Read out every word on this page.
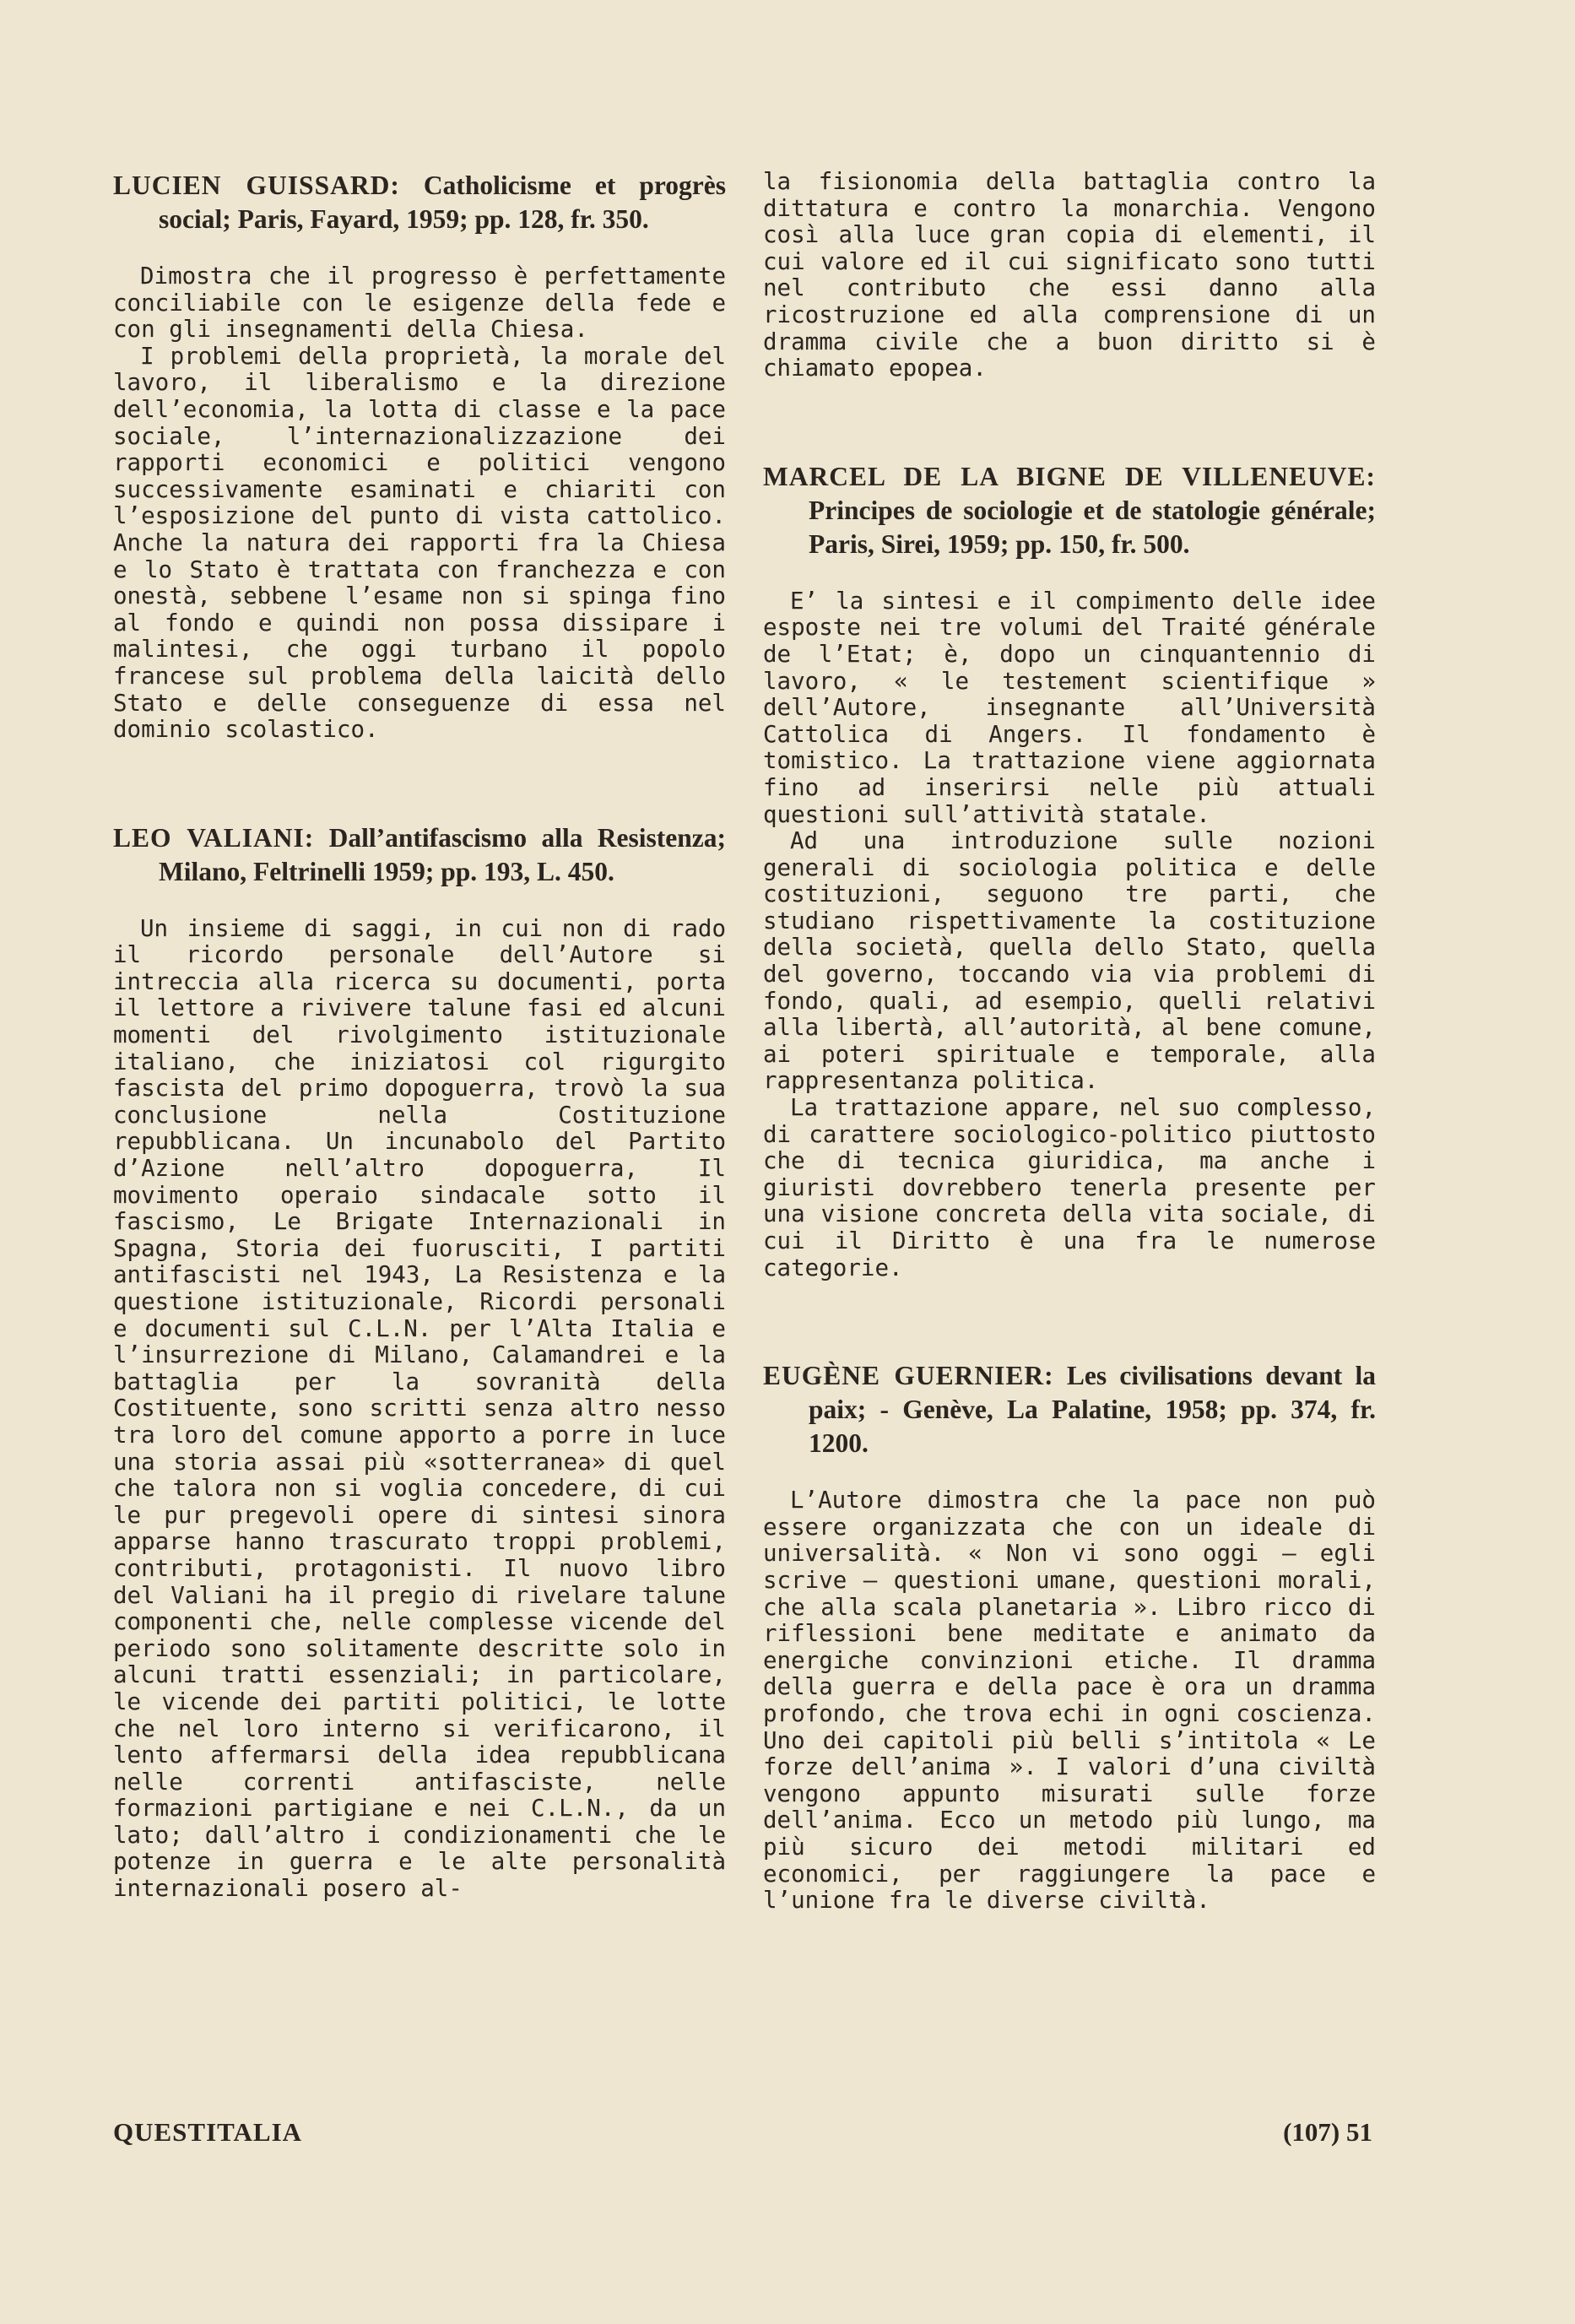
LUCIEN GUISSARD: Catholicisme et progrès social; Paris, Fayard, 1959; pp. 128, fr. 350.

Dimostra che il progresso è perfettamente conciliabile con le esigenze della fede e con gli insegnamenti della Chiesa.

I problemi della proprietà, la morale del lavoro, il liberalismo e la direzione dell’economia, la lotta di classe e la pace sociale, l’internazionalizzazione dei rapporti economici e politici vengono successivamente esaminati e chiariti con l’esposizione del punto di vista cattolico. Anche la natura dei rapporti fra la Chiesa e lo Stato è trattata con franchezza e con onestà, sebbene l’esame non si spinga fino al fondo e quindi non possa dissipare i malintesi, che oggi turbano il popolo francese sul problema della laicità dello Stato e delle conseguenze di essa nel dominio scolastico.

LEO VALIANI: Dall’antifascismo alla Resistenza; Milano, Feltrinelli 1959; pp. 193, L. 450.

Un insieme di saggi, in cui non di rado il ricordo personale dell’Autore si intreccia alla ricerca su documenti, porta il lettore a rivivere talune fasi ed alcuni momenti del rivolgimento istituzionale italiano, che iniziatosi col rigurgito fascista del primo dopoguerra, trovò la sua conclusione nella Costituzione repubblicana. Un incunabolo del Partito d’Azione nell’altro dopoguerra, Il movimento operaio sindacale sotto il fascismo, Le Brigate Internazionali in Spagna, Storia dei fuorusciti, I partiti antifascisti nel 1943, La Resistenza e la questione istituzionale, Ricordi personali e documenti sul C.L.N. per l’Alta Italia e l’insurrezione di Milano, Calamandrei e la battaglia per la sovranità della Costituente, sono scritti senza altro nesso tra loro del comune apporto a porre in luce una storia assai più «sotterranea» di quel che talora non si voglia concedere, di cui le pur pregevoli opere di sintesi sinora apparse hanno trascurato troppi problemi, contributi, protagonisti. Il nuovo libro del Valiani ha il pregio di rivelare talune componenti che, nelle complesse vicende del periodo sono solitamente descritte solo in alcuni tratti essenziali; in particolare, le vicende dei partiti politici, le lotte che nel loro interno si verificarono, il lento affermarsi della idea repubblicana nelle correnti antifasciste, nelle formazioni partigiane e nei C.L.N., da un lato; dall’altro i condizionamenti che le potenze in guerra e le alte personalità internazionali posero al-

la fisionomia della battaglia contro la dittatura e contro la monarchia. Vengono così alla luce gran copia di elementi, il cui valore ed il cui significato sono tutti nel contributo che essi danno alla ricostruzione ed alla comprensione di un dramma civile che a buon diritto si è chiamato epopea.

MARCEL DE LA BIGNE DE VILLENEUVE: Principes de sociologie et de statologie générale; Paris, Sirei, 1959; pp. 150, fr. 500.

E’ la sintesi e il compimento delle idee esposte nei tre volumi del Traité générale de l’Etat; è, dopo un cinquantennio di lavoro, « le testement scientifique » dell’Autore, insegnante all’Università Cattolica di Angers. Il fondamento è tomistico. La trattazione viene aggiornata fino ad inserirsi nelle più attuali questioni sull’attività statale.

Ad una introduzione sulle nozioni generali di sociologia politica e delle costituzioni, seguono tre parti, che studiano rispettivamente la costituzione della società, quella dello Stato, quella del governo, toccando via via problemi di fondo, quali, ad esempio, quelli relativi alla libertà, all’autorità, al bene comune, ai poteri spirituale e temporale, alla rappresentanza politica.

La trattazione appare, nel suo complesso, di carattere sociologico-politico piuttosto che di tecnica giuridica, ma anche i giuristi dovrebbero tenerla presente per una visione concreta della vita sociale, di cui il Diritto è una fra le numerose categorie.

EUGÈNE GUERNIER: Les civilisations devant la paix; - Genève, La Palatine, 1958; pp. 374, fr. 1200.

L’Autore dimostra che la pace non può essere organizzata che con un ideale di universalità. « Non vi sono oggi — egli scrive — questioni umane, questioni morali, che alla scala planetaria ». Libro ricco di riflessioni bene meditate e animato da energiche convinzioni etiche. Il dramma della guerra e della pace è ora un dramma profondo, che trova echi in ogni coscienza. Uno dei capitoli più belli s’intitola « Le forze dell’anima ». I valori d’una civiltà vengono appunto misurati sulle forze dell’anima. Ecco un metodo più lungo, ma più sicuro dei metodi militari ed economici, per raggiungere la pace e l’unione fra le diverse civiltà.

QUESTITALIA	(107) 51
